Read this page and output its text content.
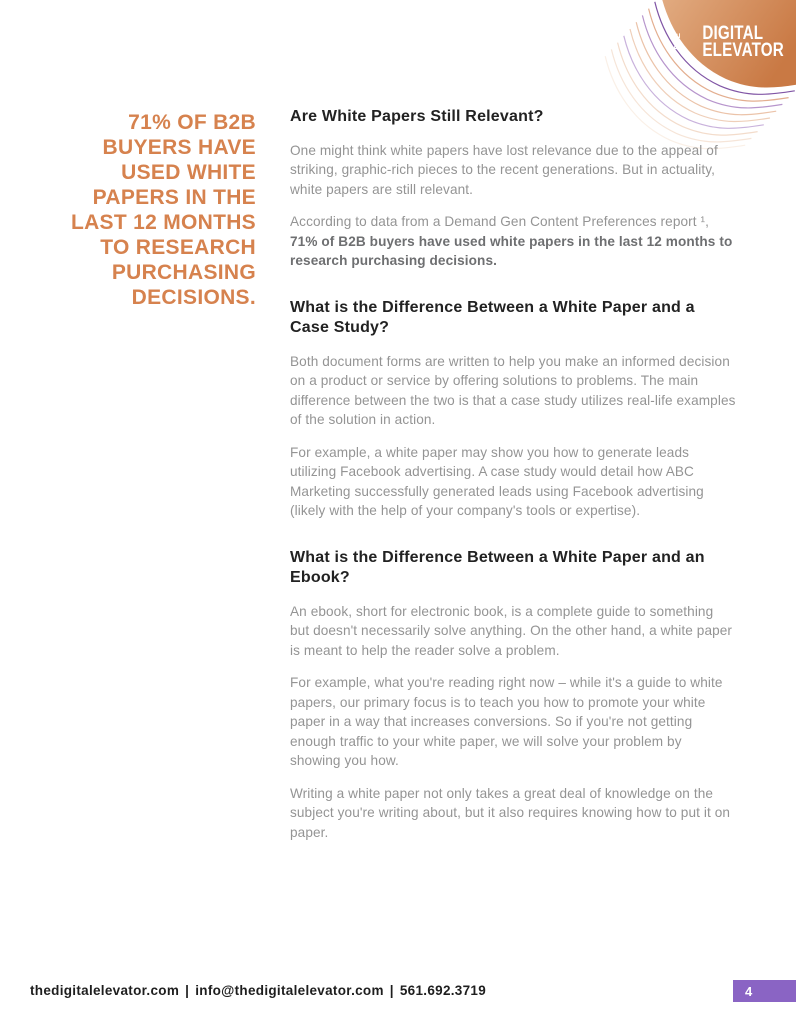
THE DIGITAL
ELEVATOR
71% OF B2B
BUYERS HAVE
USED WHITE
PAPERS IN THE
LAST 12 MONTHS
TO RESEARCH
PURCHASING
DECISIONS.
Are White Papers Still Relevant?

One might think white papers have lost relevance due to the appeal of striking, graphic-rich pieces to the recent generations. But in actuality, white papers are still relevant.

According to data from a Demand Gen Content Preferences report ¹, 71% of B2B buyers have used white papers in the last 12 months to research purchasing decisions.

What is the Difference Between a White Paper and a Case Study?

Both document forms are written to help you make an informed decision on a product or service by offering solutions to problems. The main difference between the two is that a case study utilizes real-life examples of the solution in action.

For example, a white paper may show you how to generate leads utilizing Facebook advertising. A case study would detail how ABC Marketing successfully generated leads using Facebook advertising (likely with the help of your company's tools or expertise).

What is the Difference Between a White Paper and an Ebook?

An ebook, short for electronic book, is a complete guide to something but doesn't necessarily solve anything. On the other hand, a white paper is meant to help the reader solve a problem.

For example, what you're reading right now – while it's a guide to white papers, our primary focus is to teach you how to promote your white paper in a way that increases conversions. So if you're not getting enough traffic to your white paper, we will solve your problem by showing you how.

Writing a white paper not only takes a great deal of knowledge on the subject you're writing about, but it also requires knowing how to put it on paper.

thedigitalelevator.com | info@thedigitalelevator.com | 561.692.3719	4
